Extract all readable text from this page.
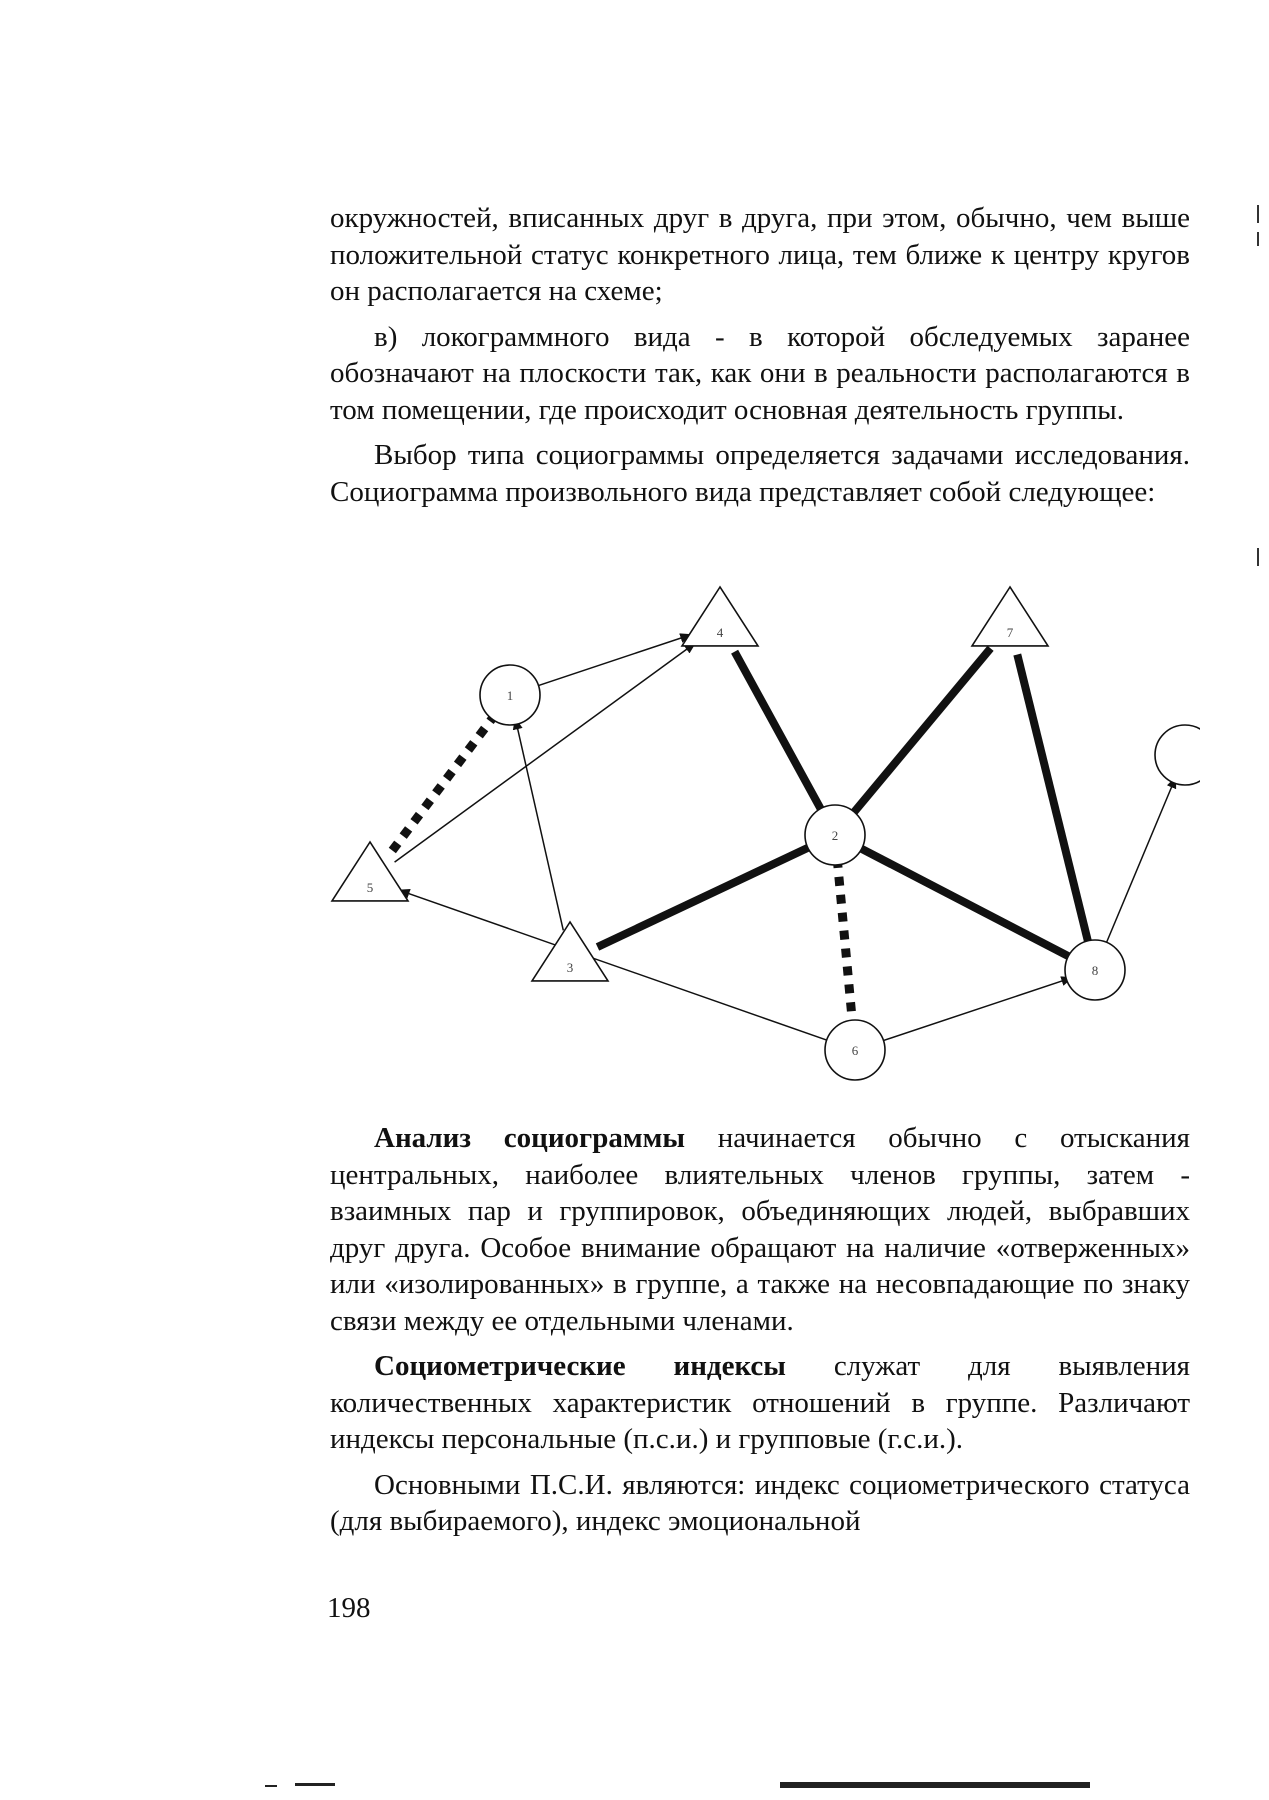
окружностей, вписанных друг в друга, при этом, обычно, чем выше положительной статус конкретного лица, тем ближе к центру кругов он располагается на схеме;

в) локограммного вида - в которой обследуемых заранее обозначают на плоскости так, как они в реальности располагаются в том помещении, где происходит основная деятельность группы.

Выбор типа социограммы определяется задачами исследования. Социограмма произвольного вида представляет собой следующее:

1
2
3
4
5
6
7
8

Анализ социограммы начинается обычно с отыскания центральных, наиболее влиятельных членов группы, затем - взаимных пар и группировок, объединяющих людей, выбравших друг друга. Особое внимание обращают на наличие «отверженных» или «изолированных» в группе, а также на несовпадающие по знаку связи между ее отдельными членами.

Социометрические индексы служат для выявления количественных характеристик отношений в группе. Различают индексы персональные (п.с.и.) и групповые (г.с.и.).

Основными П.С.И. являются: индекс социометрического статуса (для выбираемого), индекс эмоциональной

198
